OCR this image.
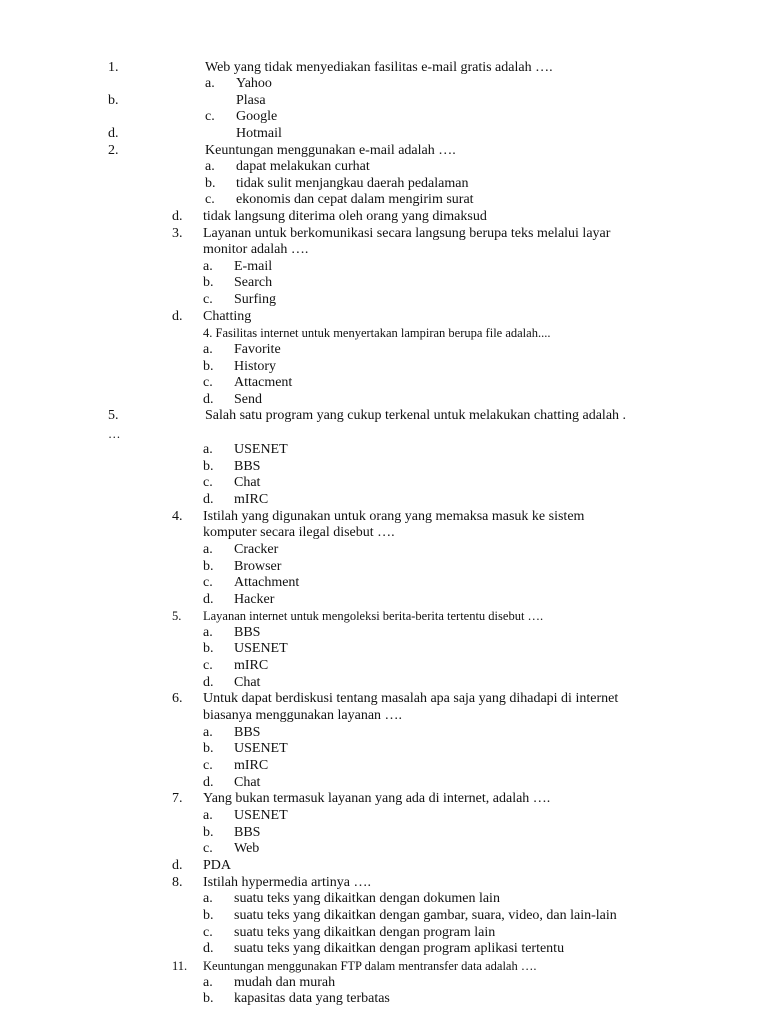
1.	Web yang tidak menyediakan fasilitas e-mail gratis adalah ….
a. Yahoo
b.	Plasa
c. Google
d.	Hotmail
2.	Keuntungan menggunakan e-mail adalah ….
a. dapat melakukan curhat
b. tidak sulit menjangkau daerah pedalaman
c. ekonomis dan cepat dalam mengirim surat
d. tidak langsung diterima oleh orang yang dimaksud
3. Layanan untuk berkomunikasi secara langsung berupa teks melalui layar
monitor adalah ….
a. E-mail
b. Search
c. Surfing
d. Chatting
4. Fasilitas internet untuk menyertakan lampiran berupa file adalah....
a. Favorite
b. History
c. Attacment
d. Send
5.	Salah satu program yang cukup terkenal untuk melakukan chatting adalah .
…
a. USENET
b. BBS
c. Chat
d. mIRC
4. Istilah yang digunakan untuk orang yang memaksa masuk ke sistem
komputer secara ilegal disebut ….
a. Cracker
b. Browser
c. Attachment
d. Hacker
5. Layanan internet untuk mengoleksi berita-berita tertentu disebut ….
a. BBS
b. USENET
c. mIRC
d. Chat
6. Untuk dapat berdiskusi tentang masalah apa saja yang dihadapi di internet
biasanya menggunakan layanan ….
a. BBS
b. USENET
c. mIRC
d. Chat
7. Yang bukan termasuk layanan yang ada di internet, adalah ….
a. USENET
b. BBS
c. Web
d. PDA
8. Istilah hypermedia artinya ….
a. suatu teks yang dikaitkan dengan dokumen lain
b. suatu teks yang dikaitkan dengan gambar, suara, video, dan lain-lain
c. suatu teks yang dikaitkan dengan program lain
d. suatu teks yang dikaitkan dengan program aplikasi tertentu
11. Keuntungan menggunakan FTP dalam mentransfer data adalah ….
a. mudah dan murah
b. kapasitas data yang terbatas
